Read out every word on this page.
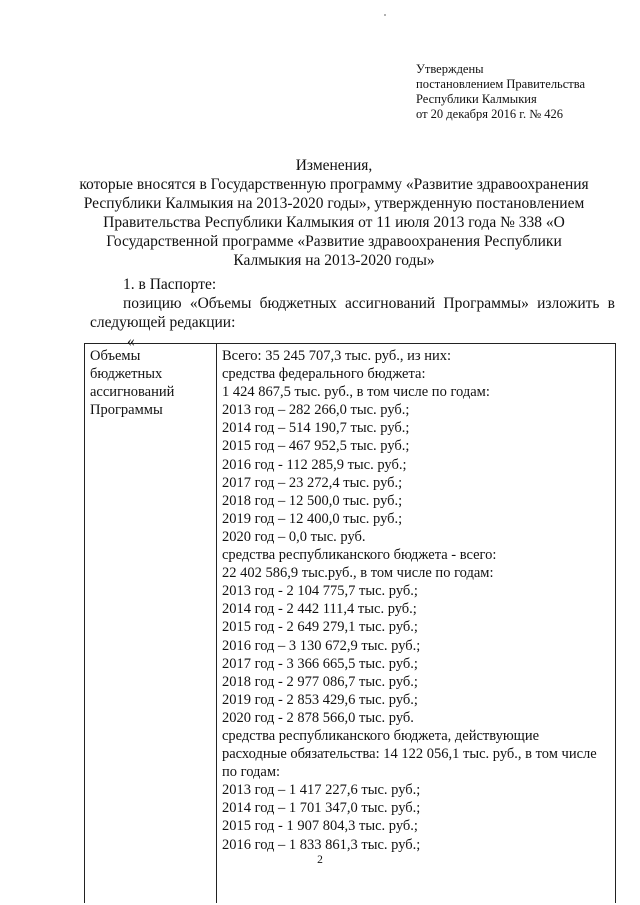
Утверждены
постановлением Правительства
Республики Калмыкия
от 20 декабря 2016 г. № 426
Изменения,
которые вносятся в Государственную программу «Развитие здравоохранения
Республики Калмыкия на 2013-2020 годы», утвержденную постановлением
Правительства Республики Калмыкия от 11 июля 2013 года № 338 «О
Государственной программе «Развитие здравоохранения Республики
Калмыкия на 2013-2020 годы»
1. в Паспорте:
позицию «Объемы бюджетных ассигнований Программы» изложить в следующей редакции:
«
Объемы
бюджетных
ассигнований
Программы
Всего: 35 245 707,3 тыс. руб., из них:
средства федерального бюджета:
1 424 867,5 тыс. руб., в том числе по годам:
2013 год – 282 266,0 тыс. руб.;
2014 год – 514 190,7 тыс. руб.;
2015 год – 467 952,5 тыс. руб.;
2016 год - 112 285,9 тыс. руб.;
2017 год – 23 272,4 тыс. руб.;
2018 год – 12 500,0 тыс. руб.;
2019 год – 12 400,0 тыс. руб.;
2020 год – 0,0 тыс. руб.
средства республиканского бюджета - всего:
22 402 586,9 тыс.руб., в том числе по годам:
2013 год - 2 104 775,7 тыс. руб.;
2014 год - 2 442 111,4 тыс. руб.;
2015 год - 2 649 279,1 тыс. руб.;
2016 год – 3 130 672,9 тыс. руб.;
2017 год - 3 366 665,5 тыс. руб.;
2018 год - 2 977 086,7 тыс. руб.;
2019 год - 2 853 429,6 тыс. руб.;
2020 год - 2 878 566,0 тыс. руб.
средства республиканского бюджета, действующие
расходные обязательства: 14 122 056,1 тыс. руб., в том числе
по годам:
2013 год – 1 417 227,6 тыс. руб.;
2014 год – 1 701 347,0 тыс. руб.;
2015 год - 1 907 804,3 тыс. руб.;
2016 год – 1 833 861,3 тыс. руб.;
2
